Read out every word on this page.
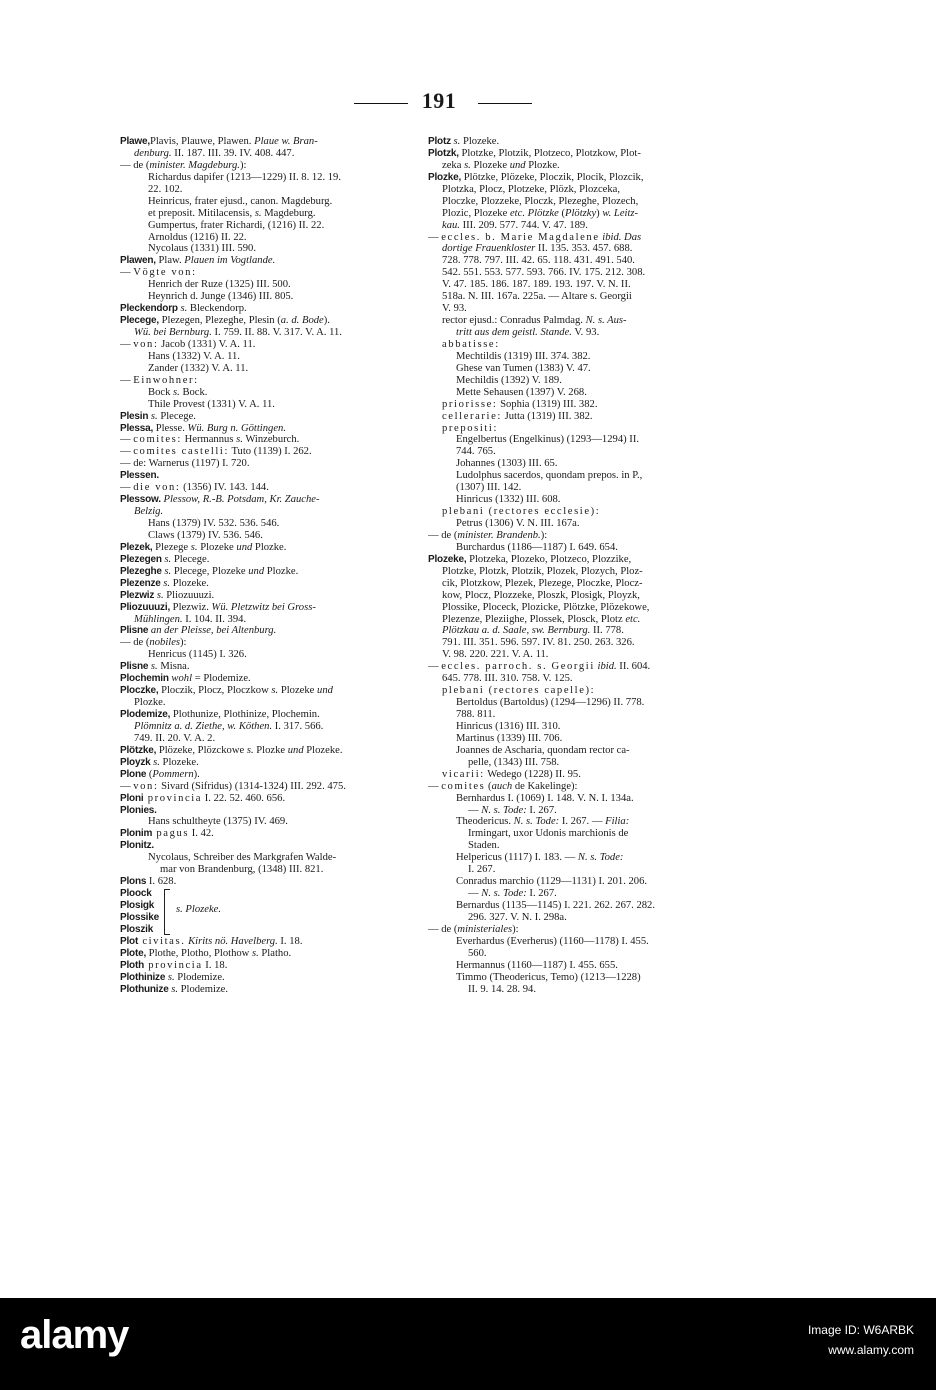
191
Plawe,Plavis, Plauwe, Plawen. Plaue w. Bran-
denburg. II. 187. III. 39. IV. 408. 447.
— de (minister. Magdeburg.):
Richardus dapifer (1213—1229) II. 8. 12. 19.
22. 102.
Heinricus, frater ejusd., canon. Magdeburg.
et preposit. Mitilacensis, s. Magdeburg.
Gumpertus, frater Richardi, (1216) II. 22.
Arnoldus (1216) II. 22.
Nycolaus (1331) III. 590.
Plawen, Plaw. Plauen im Vogtlande.
— Vögte von:
Henrich der Ruze (1325) III. 500.
Heynrich d. Junge (1346) III. 805.
Pleckendorp s. Bleckendorp.
Plecege, Plezegen, Plezeghe, Plesin (a. d. Bode).
Wü. bei Bernburg. I. 759. II. 88. V. 317. V. A. 11.
— von: Jacob (1331) V. A. 11.
Hans (1332) V. A. 11.
Zander (1332) V. A. 11.
— Einwohner:
Bock s. Bock.
Thile Provest (1331) V. A. 11.
Plesin s. Plecege.
Plessa, Plesse. Wü. Burg n. Göttingen.
— comites: Hermannus s. Winzeburch.
— comites castelli: Tuto (1139) I. 262.
— de: Warnerus (1197) I. 720.
Plessen.
— die von: (1356) IV. 143. 144.
Plessow. Plessow, R.-B. Potsdam, Kr. Zauche-
Belzig.
Hans (1379) IV. 532. 536. 546.
Claws (1379) IV. 536. 546.
Plezek, Plezege s. Plozeke und Plozke.
Plezegen s. Plecege.
Plezeghe s. Plecege, Plozeke und Plozke.
Plezenze s. Plozeke.
Plezwiz s. Pliozuuuzi.
Pliozuuuzi, Plezwiz. Wü. Pletzwitz bei Gross-
Mühlingen. I. 104. II. 394.
Plisne an der Pleisse, bei Altenburg.
— de (nobiles):
Henricus (1145) I. 326.
Plisne s. Misna.
Plochemin wohl = Plodemize.
Ploczke, Ploczik, Plocz, Ploczkow s. Plozeke und
Plozke.
Plodemize, Plothunize, Plothinize, Plochemin.
Plömnitz a. d. Ziethe, w. Köthen. I. 317. 566.
749. II. 20. V. A. 2.
Plötzke, Plözeke, Plözckowe s. Plozke und Plozeke.
Ployzk s. Plozeke.
Plone (Pommern).
— von: Sivard (Sifridus) (1314-1324) III. 292. 475.
Ploni provincia I. 22. 52. 460. 656.
Plonies.
Hans schultheyte (1375) IV. 469.
Plonim pagus I. 42.
Plonitz.
Nycolaus, Schreiber des Markgrafen Walde-
mar von Brandenburg, (1348) III. 821.
Plons I. 628.
Ploock
Plosigk
Plossike
Ploszik
s. Plozeke.
Plot civitas. Kirits nö. Havelberg. I. 18.
Plote, Plothe, Plotho, Plothow s. Platho.
Ploth provincia I. 18.
Plothinize s. Plodemize.
Plothunize s. Plodemize.
Plotz s. Plozeke.
Plotzk, Plotzke, Plotzik, Plotzeco, Plotzkow, Plot-
zeka s. Plozeke und Plozke.
Plozke, Plötzke, Plözeke, Ploczik, Plocik, Plozcik,
Plotzka, Plocz, Plotzeke, Plözk, Plozceka,
Ploczke, Plozzeke, Ploczk, Plezeghe, Plozech,
Plozic, Plozeke etc. Plötzke (Plötzky) w. Leitz-
kau. III. 209. 577. 744. V. 47. 189.
— eccles. b. Marie Magdalene ibid. Das
dortige Frauenkloster II. 135. 353. 457. 688.
728. 778. 797. III. 42. 65. 118. 431. 491. 540.
542. 551. 553. 577. 593. 766. IV. 175. 212. 308.
V. 47. 185. 186. 187. 189. 193. 197. V. N. II.
518a. N. III. 167a. 225a. — Altare s. Georgii
V. 93.
rector ejusd.: Conradus Palmdag. N. s. Aus-
tritt aus dem geistl. Stande. V. 93.
abbatisse:
Mechtildis (1319) III. 374. 382.
Ghese van Tumen (1383) V. 47.
Mechildis (1392) V. 189.
Mette Sehausen (1397) V. 268.
priorisse: Sophia (1319) III. 382.
cellerarie: Jutta (1319) III. 382.
prepositi:
Engelbertus (Engelkinus) (1293—1294) II.
744. 765.
Johannes (1303) III. 65.
Ludolphus sacerdos, quondam prepos. in P.,
(1307) III. 142.
Hinricus (1332) III. 608.
plebani (rectores ecclesie):
Petrus (1306) V. N. III. 167a.
— de (minister. Brandenb.):
Burchardus (1186—1187) I. 649. 654.
Plozeke, Plotzeka, Plozeko, Plotzeco, Plozzike,
Plotzke, Plotzk, Plotzik, Plozek, Plozych, Ploz-
cik, Plotzkow, Plezek, Plezege, Ploczke, Plocz-
kow, Plocz, Plozzeke, Ploszk, Plosigk, Ployzk,
Plossike, Ploceck, Plozicke, Plötzke, Plözekowe,
Plezenze, Pleziighe, Plossek, Plosck, Plotz etc.
Plötzkau a. d. Saale, sw. Bernburg. II. 778.
791. III. 351. 596. 597. IV. 81. 250. 263. 326.
V. 98. 220. 221. V. A. 11.
— eccles. parroch. s. Georgii ibid. II. 604.
645. 778. III. 310. 758. V. 125.
plebani (rectores capelle):
Bertoldus (Bartoldus) (1294—1296) II. 778.
788. 811.
Hinricus (1316) III. 310.
Martinus (1339) III. 706.
Joannes de Ascharia, quondam rector ca-
pelle, (1343) III. 758.
vicarii: Wedego (1228) II. 95.
— comites (auch de Kakelinge):
Bernhardus I. (1069) I. 148. V. N. I. 134a.
— N. s. Tode: I. 267.
Theodericus. N. s. Tode: I. 267. — Filia:
Irmingart, uxor Udonis marchionis de
Staden.
Helpericus (1117) I. 183. — N. s. Tode:
I. 267.
Conradus marchio (1129—1131) I. 201. 206.
— N. s. Tode: I. 267.
Bernardus (1135—1145) I. 221. 262. 267. 282.
296. 327. V. N. I. 298a.
— de (ministeriales):
Everhardus (Everherus) (1160—1178) I. 455.
560.
Hermannus (1160—1187) I. 455. 655.
Timmo (Theodericus, Temo) (1213—1228)
II. 9. 14. 28. 94.
alamy	Image ID: W6ARBK
www.alamy.com
